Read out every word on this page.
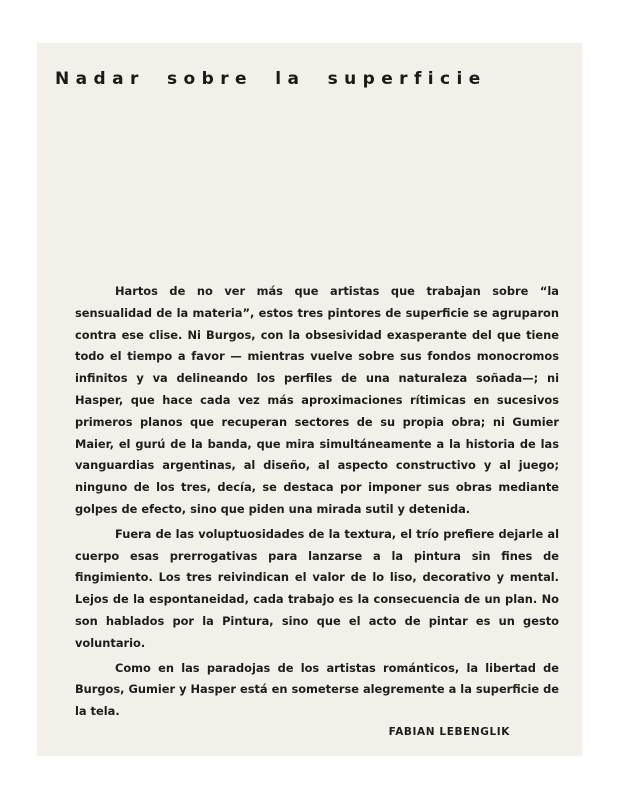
Nadar sobre la superficie

Hartos de no ver más que artistas que trabajan sobre “la sensualidad de la materia”, estos tres pintores de superficie se agruparon contra ese clise. Ni Burgos, con la obsesividad exasperante del que tiene todo el tiempo a favor — mientras vuelve sobre sus fondos monocromos infinitos y va delineando los perfiles de una naturaleza soñada—; ni Hasper, que hace cada vez más aproximaciones rítimicas en sucesivos primeros planos que recuperan sectores de su propia obra; ni Gumier Maier, el gurú de la banda, que mira simultáneamente a la historia de las vanguardias argentinas, al diseño, al aspecto constructivo y al juego; ninguno de los tres, decía, se destaca por imponer sus obras mediante golpes de efecto, sino que piden una mirada sutil y detenida.

Fuera de las voluptuosidades de la textura, el trío prefiere dejarle al cuerpo esas prerrogativas para lanzarse a la pintura sin fines de fingimiento. Los tres reivindican el valor de lo liso, decorativo y mental. Lejos de la espontaneidad, cada trabajo es la consecuencia de un plan. No son hablados por la Pintura, sino que el acto de pintar es un gesto voluntario.

Como en las paradojas de los artistas románticos, la libertad de Burgos, Gumier y Hasper está en someterse alegremente a la superficie de la tela.

FABIAN LEBENGLIK
